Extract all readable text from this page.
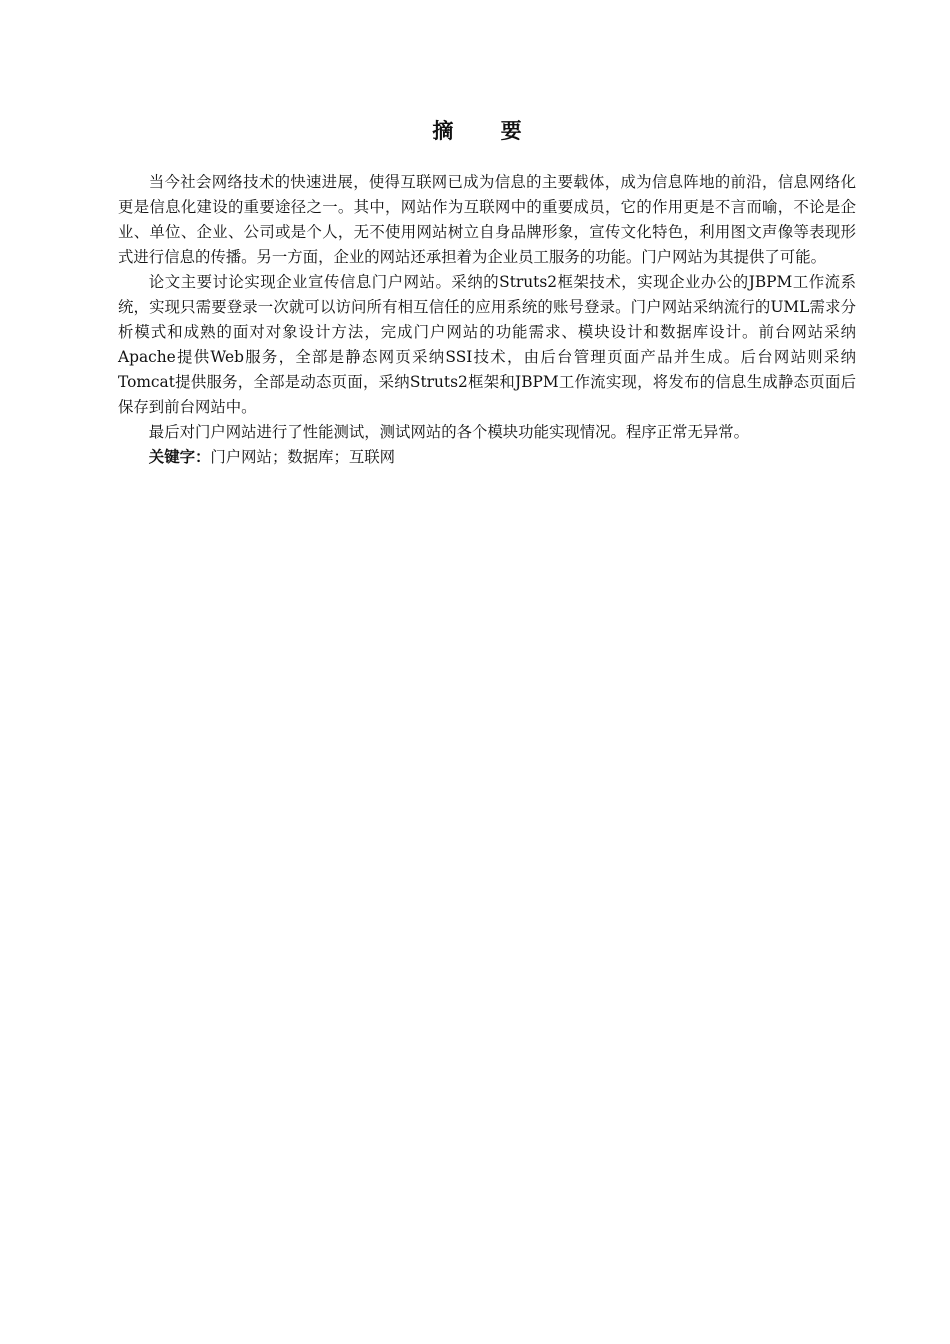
摘 要

当今社会网络技术的快速进展，使得互联网已成为信息的主要载体，成为信息阵地的前沿，信息网络化更是信息化建设的重要途径之一。其中，网站作为互联网中的重要成员，它的作用更是不言而喻，不论是企业、单位、企业、公司或是个人，无不使用网站树立自身品牌形象，宣传文化特色，利用图文声像等表现形式进行信息的传播。另一方面，企业的网站还承担着为企业员工服务的功能。门户网站为其提供了可能。

论文主要讨论实现企业宣传信息门户网站。采纳的Struts2框架技术，实现企业办公的JBPM工作流系统，实现只需要登录一次就可以访问所有相互信任的应用系统的账号登录。门户网站采纳流行的UML需求分析模式和成熟的面对对象设计方法，完成门户网站的功能需求、模块设计和数据库设计。前台网站采纳Apache提供Web服务，全部是静态网页采纳SSI技术，由后台管理页面产品并生成。后台网站则采纳Tomcat提供服务，全部是动态页面，采纳Struts2框架和JBPM工作流实现，将发布的信息生成静态页面后保存到前台网站中。

最后对门户网站进行了性能测试，测试网站的各个模块功能实现情况。程序正常无异常。

关键字：门户网站；数据库；互联网
